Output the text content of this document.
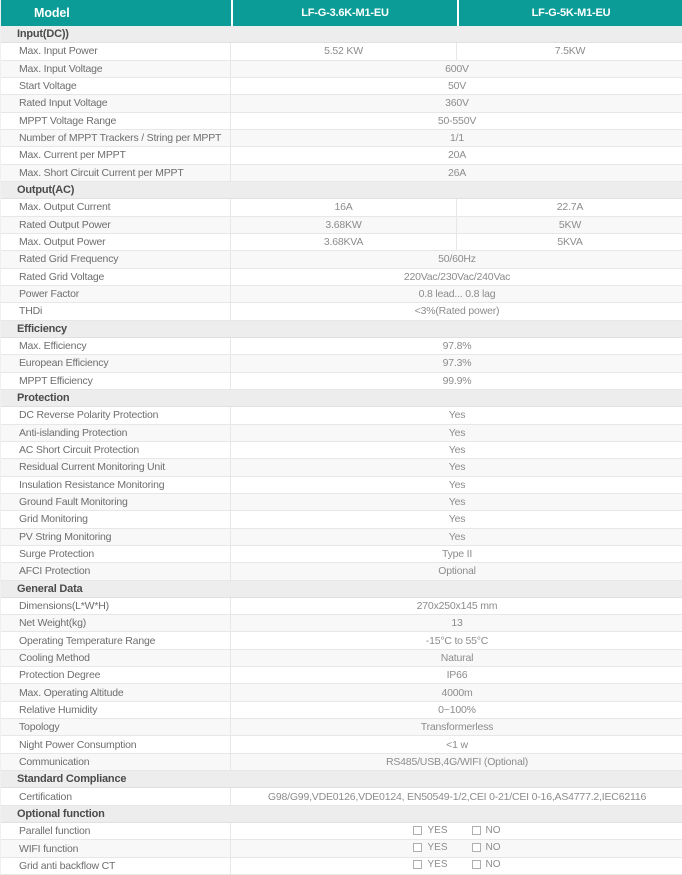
Model	LF-G-3.6K-M1-EU	LF-G-5K-M1-EU
Input(DC))		
Max. Input Power	5.52 KW	7.5KW
Max. Input Voltage	600V	
Start Voltage	50V	
Rated Input Voltage	360V	
MPPT Voltage Range	50-550V	
Number of MPPT Trackers / String per MPPT	1/1	
Max. Current per MPPT	20A	
Max. Short Circuit Current per MPPT	26A	
Output(AC)		
Max. Output Current	16A	22.7A
Rated Output Power	3.68KW	5KW
Max. Output Power	3.68KVA	5KVA
Rated Grid Frequency	50/60Hz	
Rated Grid Voltage	220Vac/230Vac/240Vac	
Power Factor	0.8 lead... 0.8 lag	
THDi	<3%(Rated power)	
Efficiency		
Max. Efficiency	97.8%	
European Efficiency	97.3%	
MPPT Efficiency	99.9%	
Protection		
DC Reverse Polarity Protection	Yes	
Anti-islanding Protection	Yes	
AC Short Circuit Protection	Yes	
Residual Current Monitoring Unit	Yes	
Insulation Resistance Monitoring	Yes	
Ground Fault Monitoring	Yes	
Grid Monitoring	Yes	
PV String Monitoring	Yes	
Surge Protection	Type II	
AFCI Protection	Optional	
General Data		
Dimensions(L*W*H)	270x250x145 mm	
Net Weight(kg)	13	
Operating Temperature Range	-15°C to 55°C	
Cooling Method	Natural	
Protection Degree	IP66	
Max. Operating Altitude	4000m	
Relative Humidity	0~100%	
Topology	Transformerless	
Night Power Consumption	<1 w	
Communication	RS485/USB,4G/WIFI (Optional)	
Standard Compliance		
Certification	G98/G99,VDE0126,VDE0124, EN50549-1/2,CEI 0-21/CEI 0-16,AS4777.2,IEC62116	
Optional function		
Parallel function	YES NO	

WIFI function	YES NO	

Grid anti backflow CT	YES NO	
